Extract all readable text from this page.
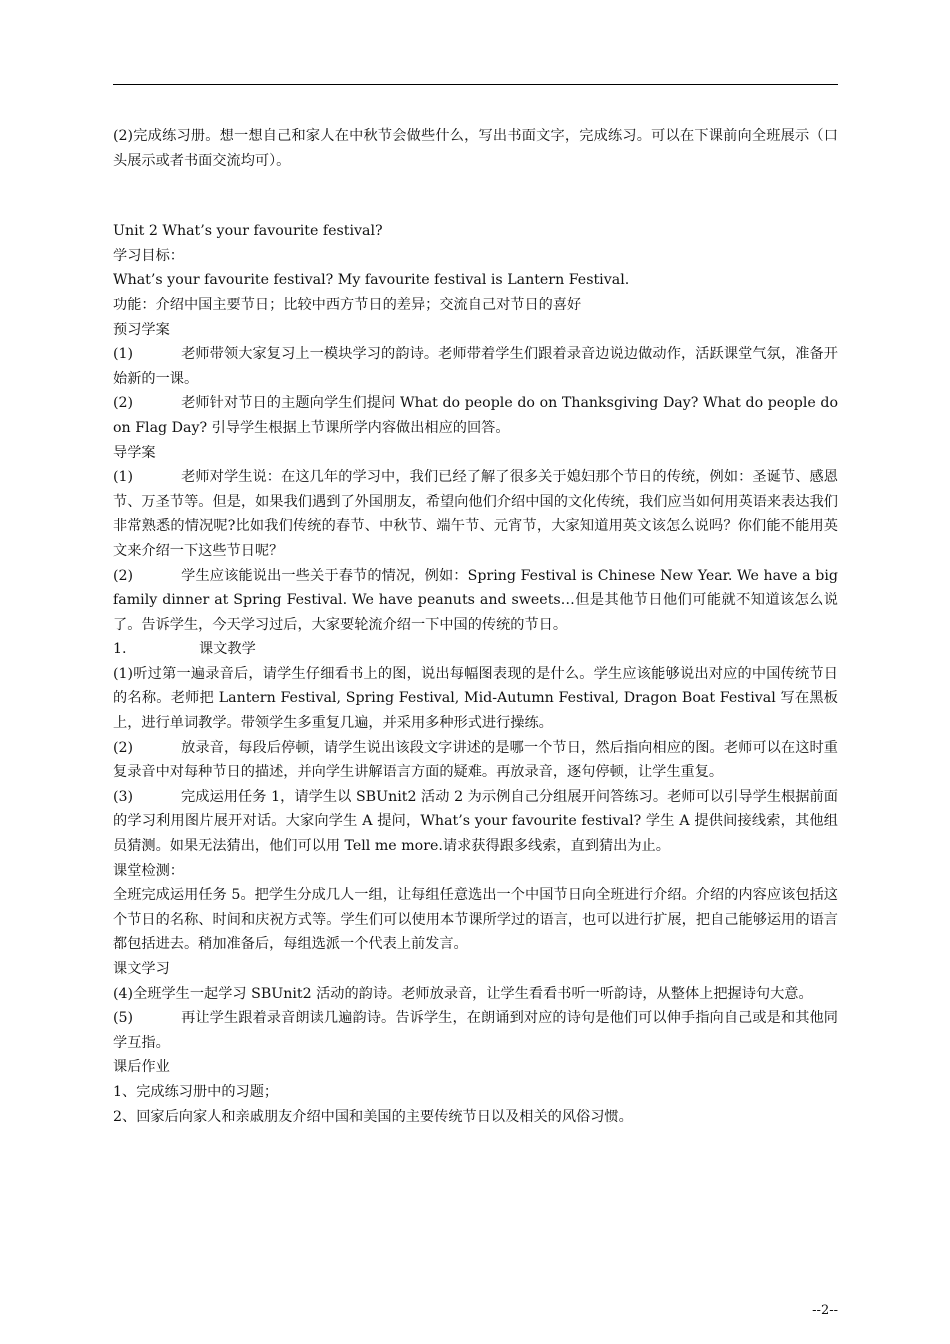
(2)完成练习册。想一想自己和家人在中秋节会做些什么，写出书面文字，完成练习。可以在下课前向全班展示（口头展示或者书面交流均可）。

Unit 2 What’s your favourite festival?

学习目标：

What’s your favourite festival? My favourite festival is Lantern Festival.

功能：介绍中国主要节日；比较中西方节日的差异；交流自己对节日的喜好

预习学案

(1)	老师带领大家复习上一模块学习的韵诗。老师带着学生们跟着录音边说边做动作，活跃课堂气氛，准备开始新的一课。

(2)	老师针对节日的主题向学生们提问 What do people do on Thanksgiving Day? What do people do on Flag Day? 引导学生根据上节课所学内容做出相应的回答。

导学案

(1)	老师对学生说：在这几年的学习中，我们已经了解了很多关于媳妇那个节日的传统，例如：圣诞节、感恩节、万圣节等。但是，如果我们遇到了外国朋友，希望向他们介绍中国的文化传统，我们应当如何用英语来表达我们非常熟悉的情况呢?比如我们传统的春节、中秋节、端午节、元宵节，大家知道用英文该怎么说吗？你们能不能用英文来介绍一下这些节日呢？

(2)	学生应该能说出一些关于春节的情况，例如：Spring Festival is Chinese New Year. We have a big family dinner at Spring Festival. We have peanuts and sweets…但是其他节日他们可能就不知道该怎么说了。告诉学生，今天学习过后，大家要轮流介绍一下中国的传统的节日。

1.	课文教学

(1)听过第一遍录音后，请学生仔细看书上的图，说出每幅图表现的是什么。学生应该能够说出对应的中国传统节日的名称。老师把 Lantern Festival, Spring Festival, Mid-Autumn Festival, Dragon Boat Festival 写在黑板上，进行单词教学。带领学生多重复几遍，并采用多种形式进行操练。

(2)	放录音，每段后停顿，请学生说出该段文字讲述的是哪一个节日，然后指向相应的图。老师可以在这时重复录音中对每种节日的描述，并向学生讲解语言方面的疑难。再放录音，逐句停顿，让学生重复。

(3)	完成运用任务 1，请学生以 SBUnit2 活动 2 为示例自己分组展开问答练习。老师可以引导学生根据前面的学习利用图片展开对话。大家向学生 A 提问，What’s your favourite festival? 学生 A 提供间接线索，其他组员猜测。如果无法猜出，他们可以用 Tell me more.请求获得跟多线索，直到猜出为止。

课堂检测：

全班完成运用任务 5。把学生分成几人一组，让每组任意选出一个中国节日向全班进行介绍。介绍的内容应该包括这个节日的名称、时间和庆祝方式等。学生们可以使用本节课所学过的语言，也可以进行扩展，把自己能够运用的语言都包括进去。稍加准备后，每组选派一个代表上前发言。

课文学习

(4)全班学生一起学习 SBUnit2 活动的韵诗。老师放录音，让学生看看书听一听韵诗，从整体上把握诗句大意。

(5)	再让学生跟着录音朗读几遍韵诗。告诉学生，在朗诵到对应的诗句是他们可以伸手指向自己或是和其他同学互指。

课后作业

1、完成练习册中的习题；

2、回家后向家人和亲戚朋友介绍中国和美国的主要传统节日以及相关的风俗习惯。

--2--
